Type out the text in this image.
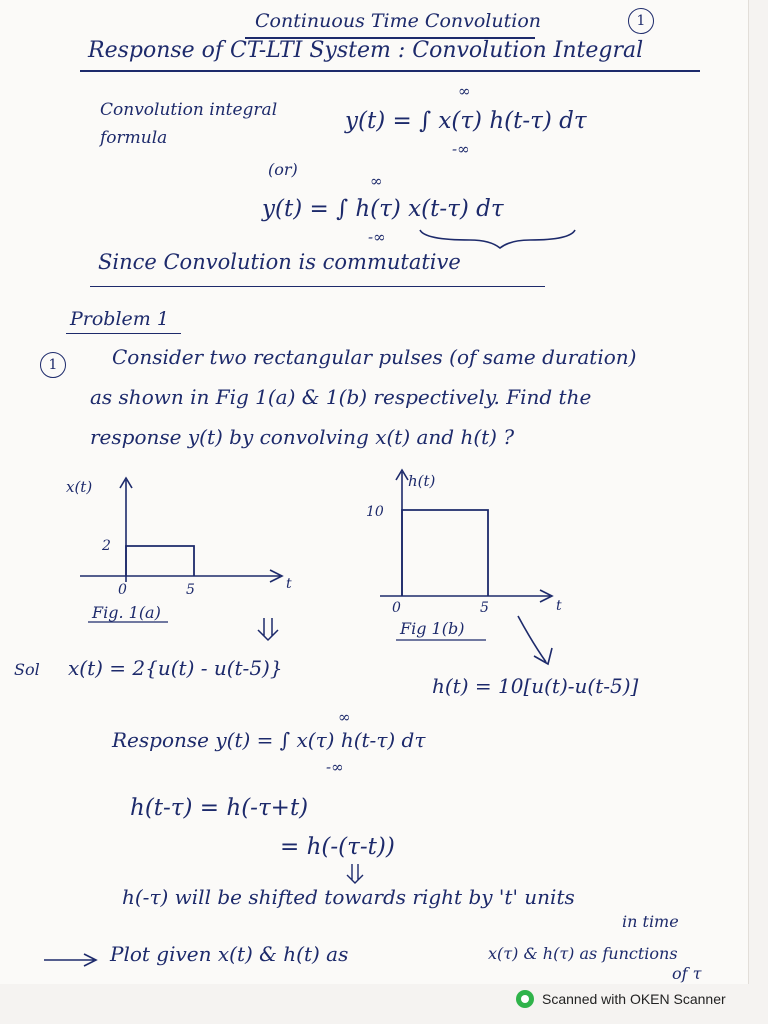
Continuous Time Convolution	1
Response of CT-LTI System : Convolution Integral
Convolution integral
formula
∞
y(t) = ∫ x(τ) h(t-τ) dτ
-∞
(or)
∞
y(t) = ∫ h(τ) x(t-τ) dτ
-∞
Since Convolution is commutative
Problem 1
1	Consider two rectangular pulses (of same duration)
as shown in Fig 1(a) & 1(b) respectively. Find the
response y(t) by convolving x(t) and h(t) ?
x(t)
2
0	5	t
Fig. 1(a)
h(t)
10
0	5	t
Fig 1(b)
Sol x(t) = 2{u(t) - u(t-5)}
h(t) = 10[u(t)-u(t-5)]
∞
Response y(t) = ∫ x(τ) h(t-τ) dτ
-∞
h(t-τ) = h(-τ+t)
= h(-(τ-t))
h(-τ) will be shifted towards right by 't' units
in time
Plot given x(t) & h(t) as	x(τ) & h(τ) as functions
of τ
Scanned with OKEN Scanner
